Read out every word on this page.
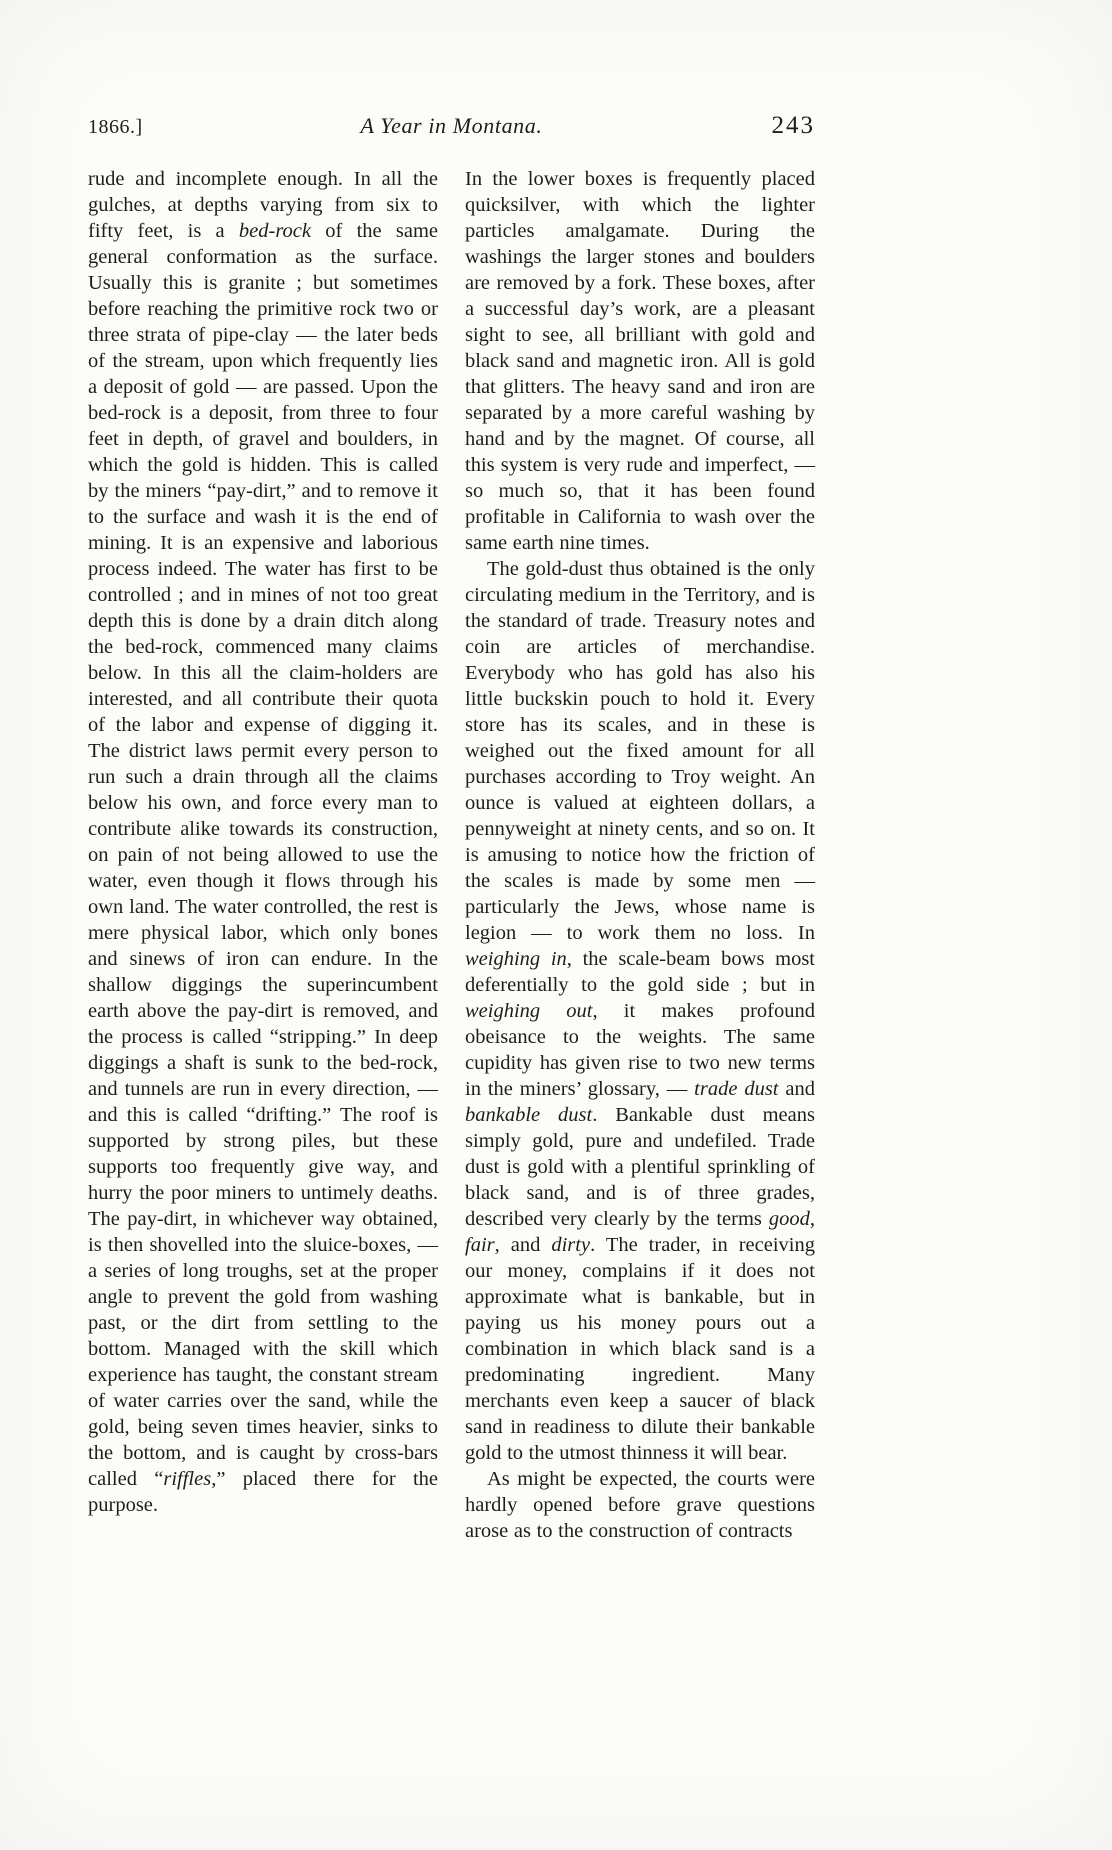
1866.]	A Year in Montana.	243

rude and incomplete enough. In all the gulches, at depths varying from six to fifty feet, is a bed-rock of the same general conformation as the surface. Usually this is granite ; but sometimes before reaching the primitive rock two or three strata of pipe-clay — the later beds of the stream, upon which frequently lies a deposit of gold — are passed. Upon the bed-rock is a deposit, from three to four feet in depth, of gravel and boulders, in which the gold is hidden. This is called by the miners “pay-dirt,” and to remove it to the surface and wash it is the end of mining. It is an expensive and laborious process indeed. The water has first to be controlled ; and in mines of not too great depth this is done by a drain ditch along the bed-rock, commenced many claims below. In this all the claim-holders are interested, and all contribute their quota of the labor and expense of digging it. The district laws permit every person to run such a drain through all the claims below his own, and force every man to contribute alike towards its construction, on pain of not being allowed to use the water, even though it flows through his own land. The water controlled, the rest is mere physical labor, which only bones and sinews of iron can endure. In the shallow diggings the superincumbent earth above the pay-dirt is removed, and the process is called “stripping.” In deep diggings a shaft is sunk to the bed-rock, and tunnels are run in every direction, — and this is called “drifting.” The roof is supported by strong piles, but these supports too frequently give way, and hurry the poor miners to untimely deaths. The pay-dirt, in whichever way obtained, is then shovelled into the sluice-boxes, — a series of long troughs, set at the proper angle to prevent the gold from washing past, or the dirt from settling to the bottom. Managed with the skill which experience has taught, the constant stream of water carries over the sand, while the gold, being seven times heavier, sinks to the bottom, and is caught by cross-bars called “riffles,” placed there for the purpose.

In the lower boxes is frequently placed quicksilver, with which the lighter particles amalgamate. During the washings the larger stones and boulders are removed by a fork. These boxes, after a successful day’s work, are a pleasant sight to see, all brilliant with gold and black sand and magnetic iron. All is gold that glitters. The heavy sand and iron are separated by a more careful washing by hand and by the magnet. Of course, all this system is very rude and imperfect, — so much so, that it has been found profitable in California to wash over the same earth nine times.

The gold-dust thus obtained is the only circulating medium in the Territory, and is the standard of trade. Treasury notes and coin are articles of merchandise. Everybody who has gold has also his little buckskin pouch to hold it. Every store has its scales, and in these is weighed out the fixed amount for all purchases according to Troy weight. An ounce is valued at eighteen dollars, a pennyweight at ninety cents, and so on. It is amusing to notice how the friction of the scales is made by some men — particularly the Jews, whose name is legion — to work them no loss. In weighing in, the scale-beam bows most deferentially to the gold side ; but in weighing out, it makes profound obeisance to the weights. The same cupidity has given rise to two new terms in the miners’ glossary, — trade dust and bankable dust. Bankable dust means simply gold, pure and undefiled. Trade dust is gold with a plentiful sprinkling of black sand, and is of three grades, described very clearly by the terms good, fair, and dirty. The trader, in receiving our money, complains if it does not approximate what is bankable, but in paying us his money pours out a combination in which black sand is a predominating ingredient. Many merchants even keep a saucer of black sand in readiness to dilute their bankable gold to the utmost thinness it will bear.

As might be expected, the courts were hardly opened before grave questions arose as to the construction of contracts
